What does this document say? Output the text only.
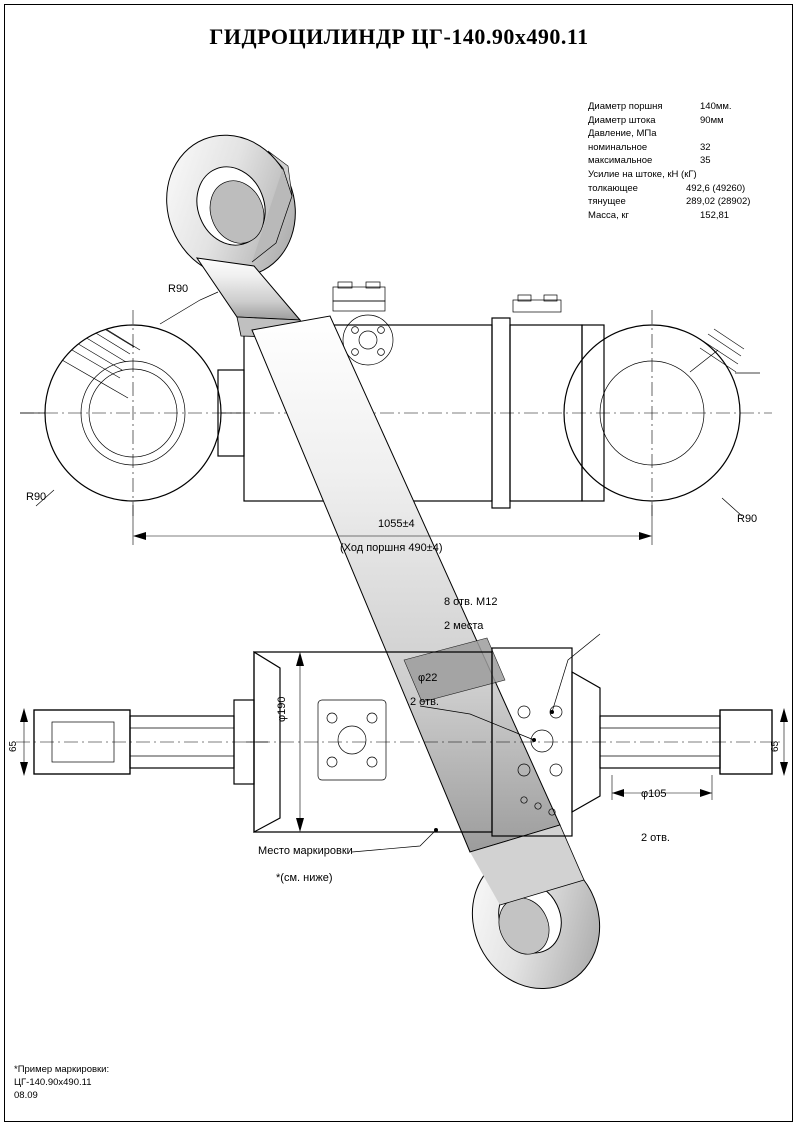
ГИДРОЦИЛИНДР ЦГ-140.90х490.11
Диаметр поршня	140мм.
Диаметр штока	90мм
Давление, МПа
номинальное	32
максимальное	35
Усилие на штоке, кН (кГ)
толкающее	492,6 (49260)
тянущее	289,02 (28902)
Масса, кг	152,81
R90
R90
R90
1055±4
(Ход поршня 490±4)
8 отв. М12
2 места
φ22
2 отв.
φ105
2 отв.
φ190
65	65
Место маркировки
*(см. ниже)
*Пример маркировки:
ЦГ-140.90х490.11
08.09
